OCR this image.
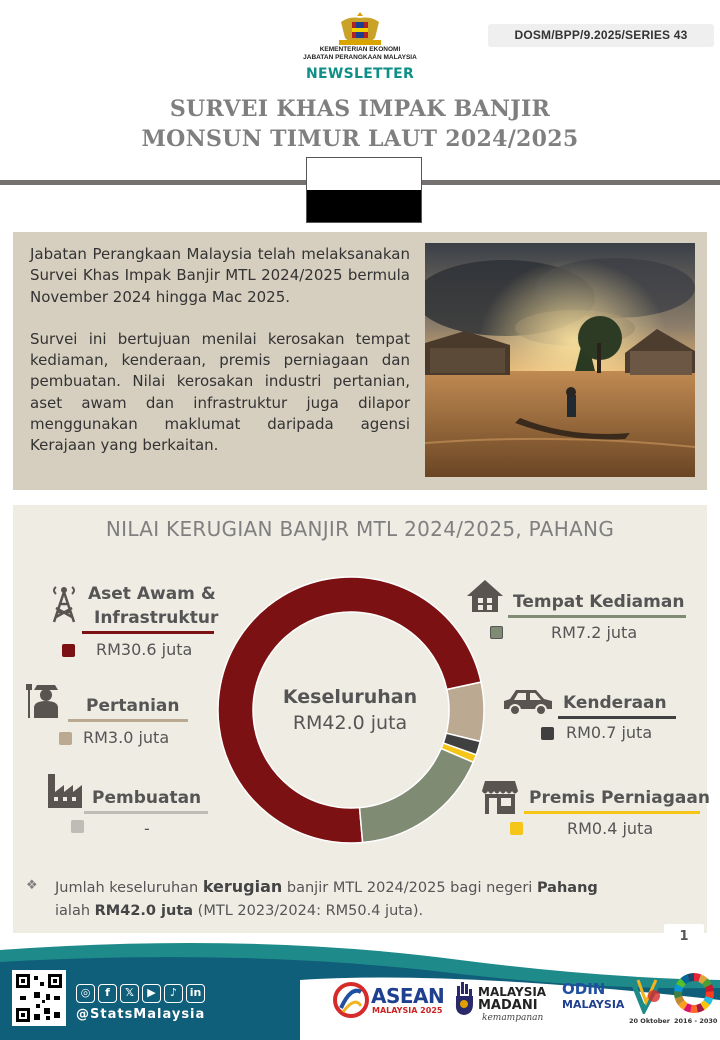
DOSM/BPP/9.2025/SERIES 43
KEMENTERIAN EKONOMI
JABATAN PERANGKAAN MALAYSIA
NEWSLETTER
SURVEI KHAS IMPAK BANJIR
MONSUN TIMUR LAUT 2024/2025

Jabatan Perangkaan Malaysia telah melaksanakan Survei Khas Impak Banjir MTL 2024/2025 bermula November 2024 hingga Mac 2025.

Survei ini bertujuan menilai kerosakan tempat kediaman, kenderaan, premis perniagaan dan pembuatan. Nilai kerosakan industri pertanian, aset awam dan infrastruktur juga dilapor menggunakan maklumat daripada agensi Kerajaan yang berkaitan.

NILAI KERUGIAN BANJIR MTL 2024/2025, PAHANG
Keseluruhan
RM42.0 juta
Aset Awam &
Infrastruktur
RM30.6 juta
Pertanian
RM3.0 juta
Pembuatan
-
Tempat Kediaman
RM7.2 juta
Kenderaan
RM0.7 juta
Premis Perniagaan
RM0.4 juta
❖ Jumlah keseluruhan kerugian banjir MTL 2024/2025 bagi negeri Pahang
ialah RM42.0 juta (MTL 2023/2024: RM50.4 juta).
1
◎	f	𝕏	▶	♪	in
@StatsMalaysia
ASEAN
MALAYSIA 2025
MALAYSIA
MADANI
kemampanan
ODIN
MALAYSIA
20 Oktober 2016 - 2030
